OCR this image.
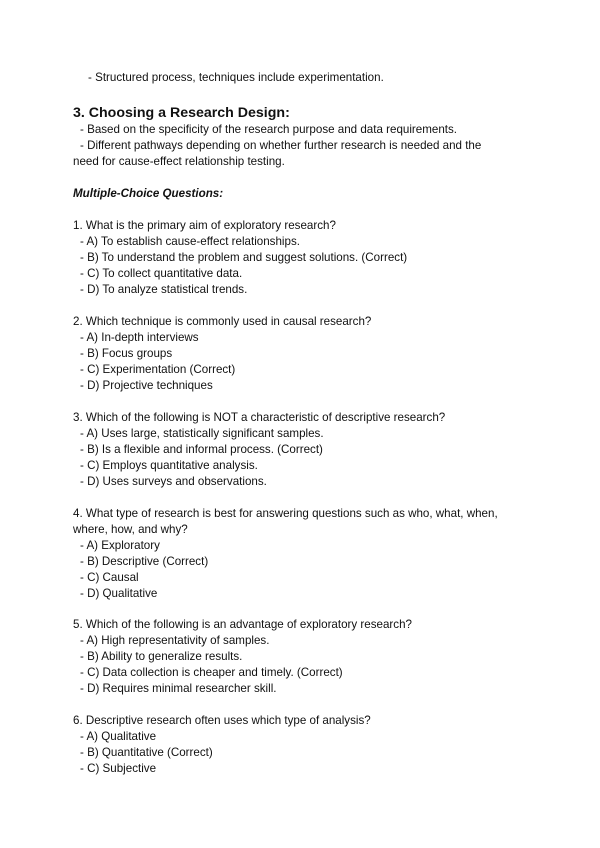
- Structured process, techniques include experimentation.
3. Choosing a Research Design:
- Based on the specificity of the research purpose and data requirements.
- Different pathways depending on whether further research is needed and the
need for cause-effect relationship testing.
Multiple-Choice Questions:
1. What is the primary aim of exploratory research?
- A) To establish cause-effect relationships.
- B) To understand the problem and suggest solutions. (Correct)
- C) To collect quantitative data.
- D) To analyze statistical trends.
2. Which technique is commonly used in causal research?
- A) In-depth interviews
- B) Focus groups
- C) Experimentation (Correct)
- D) Projective techniques
3. Which of the following is NOT a characteristic of descriptive research?
- A) Uses large, statistically significant samples.
- B) Is a flexible and informal process. (Correct)
- C) Employs quantitative analysis.
- D) Uses surveys and observations.
4. What type of research is best for answering questions such as who, what, when,
where, how, and why?
- A) Exploratory
- B) Descriptive (Correct)
- C) Causal
- D) Qualitative
5. Which of the following is an advantage of exploratory research?
- A) High representativity of samples.
- B) Ability to generalize results.
- C) Data collection is cheaper and timely. (Correct)
- D) Requires minimal researcher skill.
6. Descriptive research often uses which type of analysis?
- A) Qualitative
- B) Quantitative (Correct)
- C) Subjective
